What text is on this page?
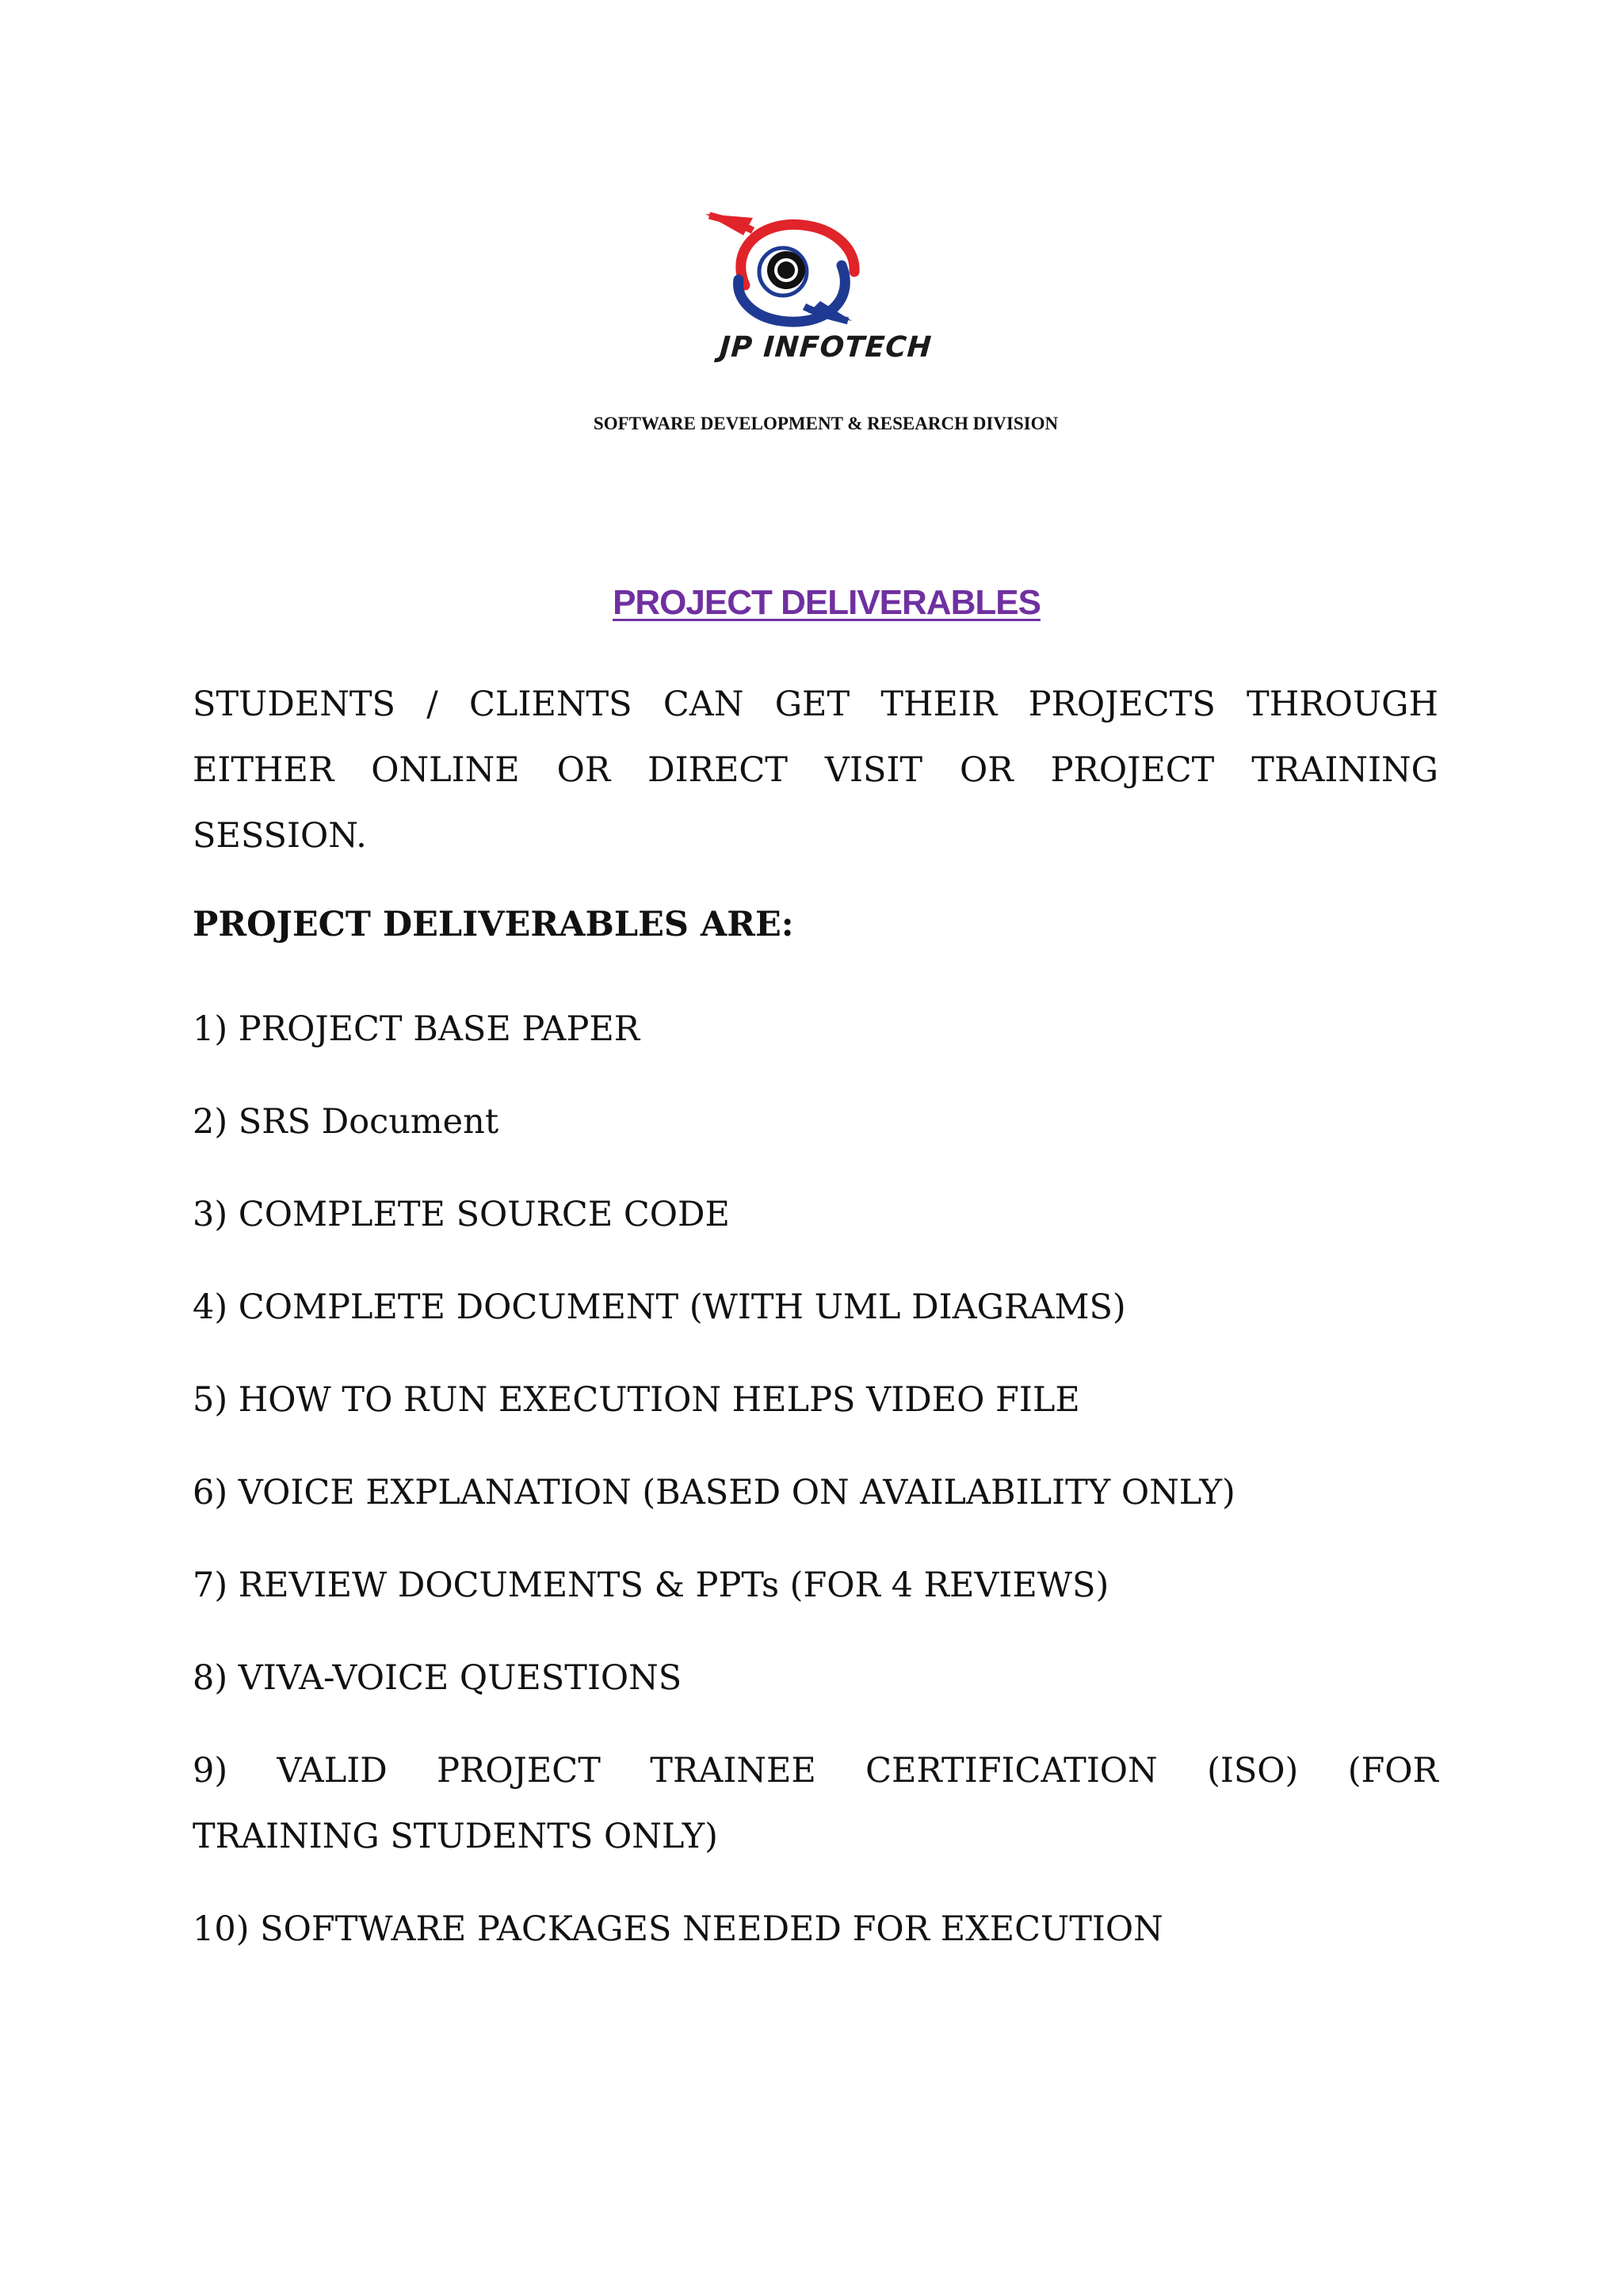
JP INFOTECH
SOFTWARE DEVELOPMENT & RESEARCH DIVISION
PROJECT DELIVERABLES
STUDENTS / CLIENTS CAN GET THEIR PROJECTS THROUGH
EITHER ONLINE OR DIRECT VISIT OR PROJECT TRAINING
SESSION.
PROJECT DELIVERABLES ARE:
1) PROJECT BASE PAPER
2) SRS Document
3) COMPLETE SOURCE CODE
4) COMPLETE DOCUMENT (WITH UML DIAGRAMS)
5) HOW TO RUN EXECUTION HELPS VIDEO FILE
6) VOICE EXPLANATION (BASED ON AVAILABILITY ONLY)
7) REVIEW DOCUMENTS & PPTs (FOR 4 REVIEWS)
8) VIVA-VOICE QUESTIONS
9) VALID PROJECT TRAINEE CERTIFICATION (ISO) (FOR
TRAINING STUDENTS ONLY)
10) SOFTWARE PACKAGES NEEDED FOR EXECUTION
